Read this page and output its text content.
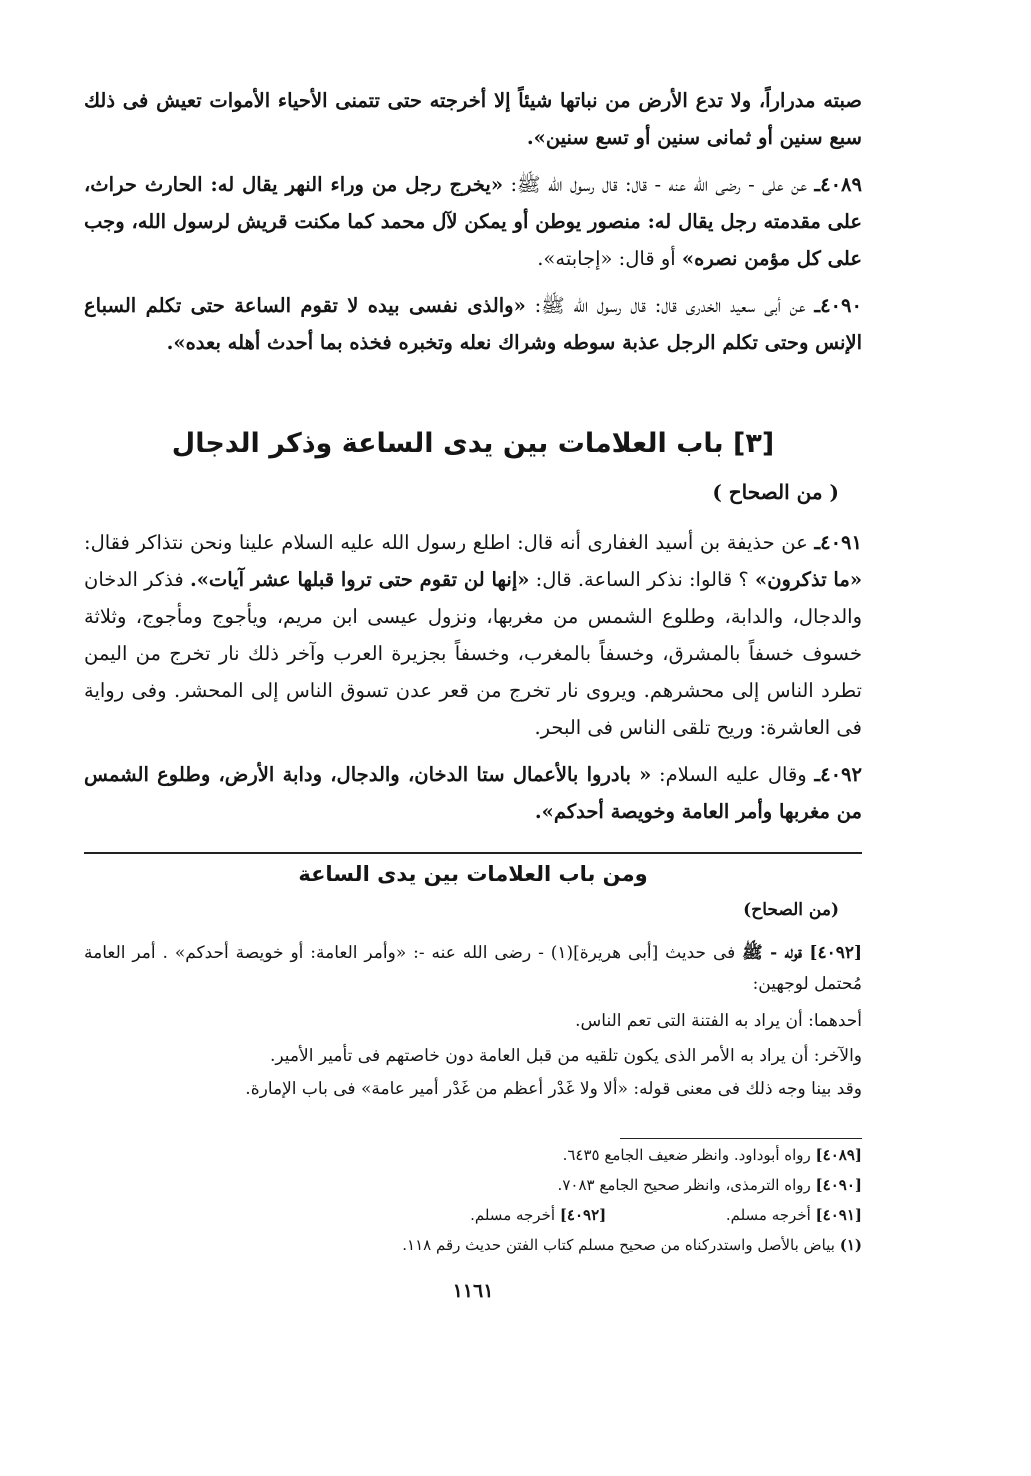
صبته مدراراً، ولا تدع الأرض من نباتها شيئاً إلا أخرجته حتى تتمنى الأحياء الأموات تعيش فى ذلك سبع سنين أو ثمانى سنين أو تسع سنين».

٤٠٨٩ـ عن على - رضى الله عنه - قال: قال رسول الله ﷺ: «يخرج رجل من وراء النهر يقال له: الحارث حراث، على مقدمته رجل يقال له: منصور يوطن أو يمكن لآل محمد كما مكنت قريش لرسول الله، وجب على كل مؤمن نصره» أو قال: «إجابته».

٤٠٩٠ـ عن أبى سعيد الخدرى قال: قال رسول الله ﷺ: «والذى نفسى بيده لا تقوم الساعة حتى تكلم السباع الإنس وحتى تكلم الرجل عذبة سوطه وشراك نعله وتخبره فخذه بما أحدث أهله بعده».

[٣] باب العلامات بين يدى الساعة وذكر الدجال
( من الصحاح )

٤٠٩١ـ عن حذيفة بن أسيد الغفارى أنه قال: اطلع رسول الله عليه السلام علينا ونحن نتذاكر فقال: «ما تذكرون» ؟ قالوا: نذكر الساعة. قال: «إنها لن تقوم حتى تروا قبلها عشر آيات». فذكر الدخان والدجال، والدابة، وطلوع الشمس من مغربها، ونزول عيسى ابن مريم، ويأجوج ومأجوج، وثلاثة خسوف خسفاً بالمشرق، وخسفاً بالمغرب، وخسفاً بجزيرة العرب وآخر ذلك نار تخرج من اليمن تطرد الناس إلى محشرهم. ويروى نار تخرج من قعر عدن تسوق الناس إلى المحشر. وفى رواية فى العاشرة: وريح تلقى الناس فى البحر.

٤٠٩٢ـ وقال عليه السلام: « بادروا بالأعمال ستا الدخان، والدجال، ودابة الأرض، وطلوع الشمس من مغربها وأمر العامة وخويصة أحدكم».

ومن باب العلامات بين يدى الساعة
(من الصحاح)

[٤٠٩٢] قوله - ﷺ فى حديث [أبى هريرة](١) - رضى الله عنه -: «وأمر العامة: أو خويصة أحدكم» . أمر العامة مُحتمل لوجهين:

أحدهما: أن يراد به الفتنة التى تعم الناس.

والآخر: أن يراد به الأمر الذى يكون تلقيه من قبل العامة دون خاصتهم فى تأمير الأمير.

وقد بينا وجه ذلك فى معنى قوله: «ألا ولا غَدْر أعظم من غَدْر أمير عامة» فى باب الإمارة.

[٤٠٨٩] رواه أبوداود. وانظر ضعيف الجامع ٦٤٣٥.

[٤٠٩٠] رواه الترمذى، وانظر صحيح الجامع ٧٠٨٣.

[٤٠٩١] أخرجه مسلم.  [٤٠٩٢] أخرجه مسلم.

(١) بياض بالأصل واستدركناه من صحيح مسلم كتاب الفتن حديث رقم ١١٨.

١١٦١
